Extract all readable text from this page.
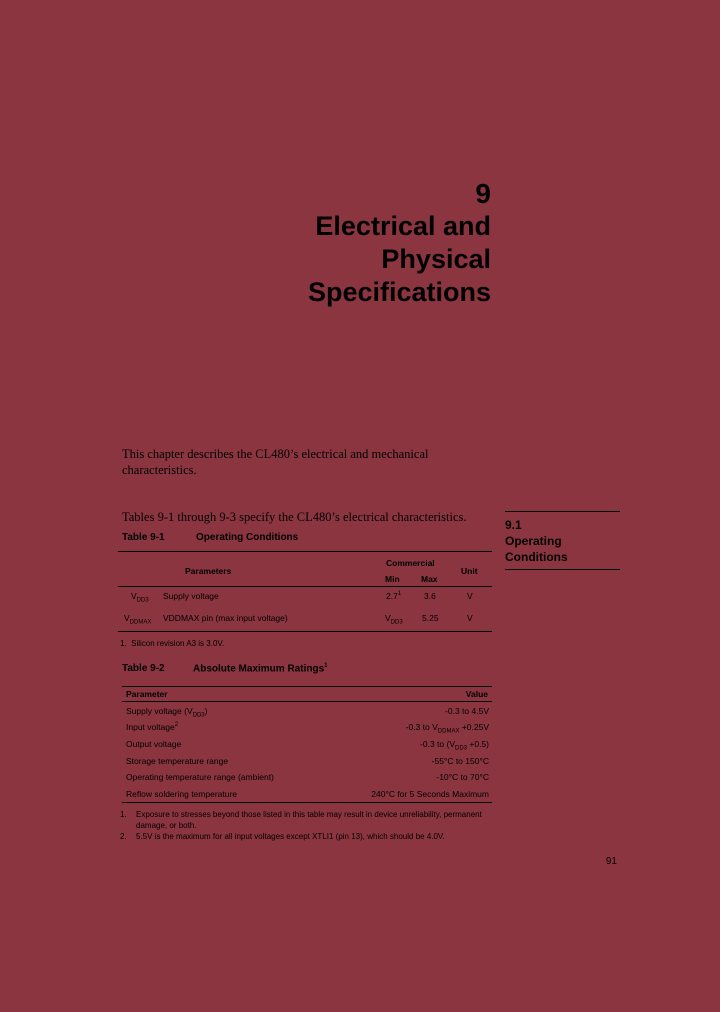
9
Electrical and
Physical
Specifications
This chapter describes the CL480’s electrical and mechanical characteristics.
Tables 9-1 through 9-3 specify the CL480’s electrical characteristics.
9.1
Operating
Conditions
Table 9-1	Operating Conditions
Parameters
Commercial
Min	Max
Unit
$V_{DD3}$ Supply voltage	$2.7^1$	3.6	V
$V_{DDMAX}$ VDDMAX pin (max input voltage)	$V_{DD3}$ 5.25	V
1. Silicon revision A3 is 3.0V.
Table 9-2	Absolute Maximum Ratings$^1$
Parameter	Value
Supply voltage $(V_{DD3})$	-0.3 to 4.5V
Input voltage$^2$	-0.3 to $V_{DDMAX} +0.25V$
Output voltage	-0.3 to $(V_{DD3} +0.5)$
Storage temperature range	-55°C to 150°C
Operating temperature range (ambient)	-10°C to 70°C
Reflow soldering temperature	240°C for 5 Seconds Maximum
1.	Exposure to stresses beyond those listed in this table may result in device unreliability, permanent damage, or both.
2.	5.5V is the maximum for all input voltages except XTLI1 (pin 13), which should be 4.0V.
91
